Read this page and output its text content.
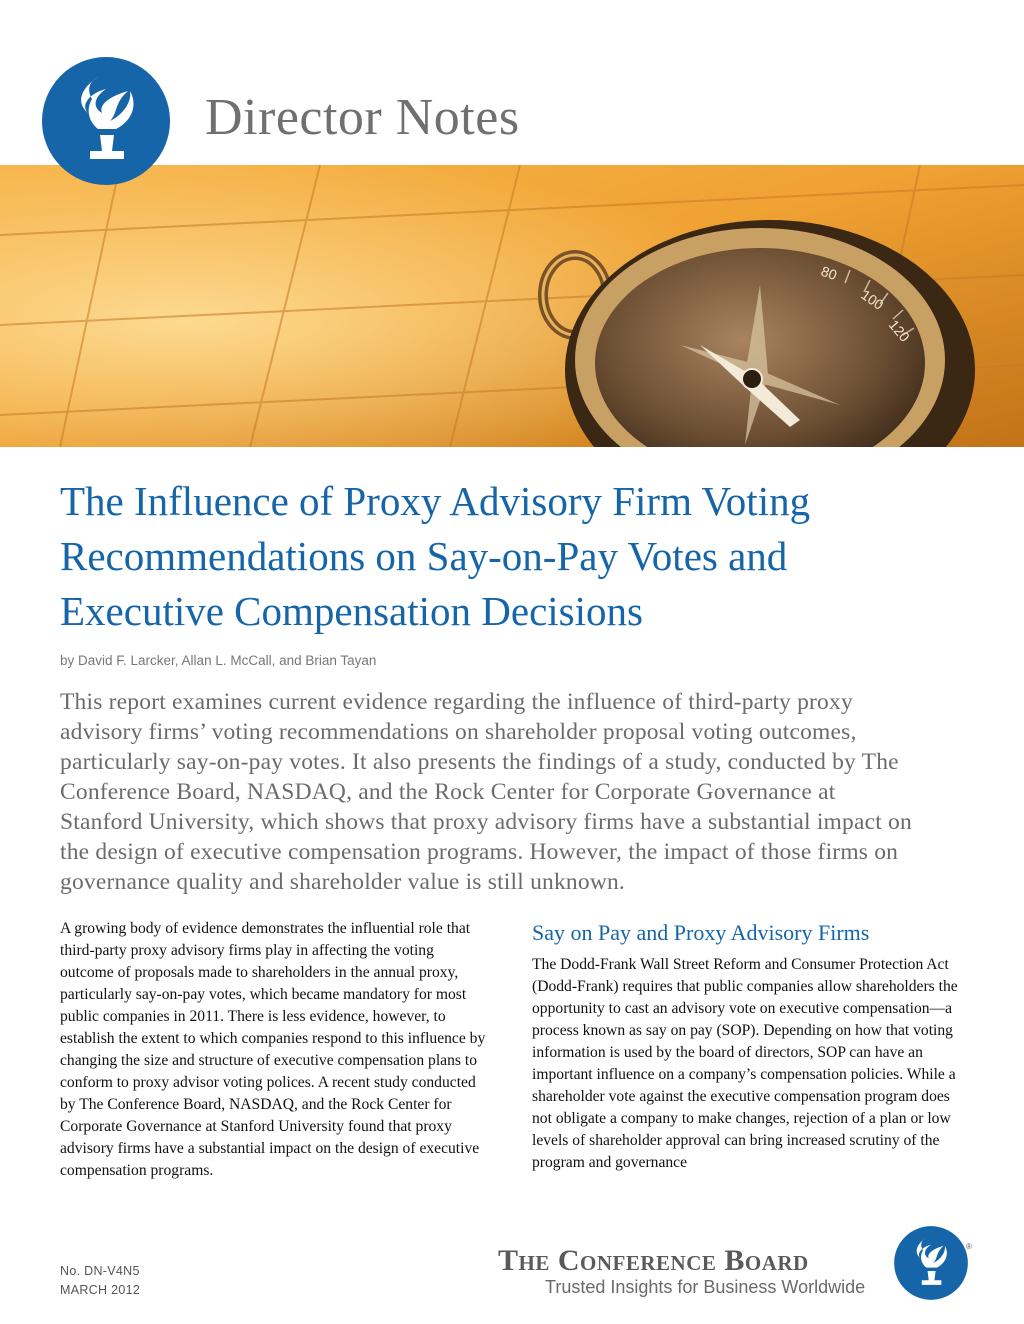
Director Notes
80
100
120
The Influence of Proxy Advisory Firm Voting Recommendations on Say-on-Pay Votes and Executive Compensation Decisions
by David F. Larcker, Allan L. McCall, and Brian Tayan

This report examines current evidence regarding the influence of third-party proxy advisory firms’ voting recommendations on shareholder proposal voting outcomes, particularly say-on-pay votes. It also presents the findings of a study, conducted by The Conference Board, NASDAQ, and the Rock Center for Corporate Governance at Stanford University, which shows that proxy advisory firms have a substantial impact on the design of executive compensation programs. However, the impact of those firms on governance quality and shareholder value is still unknown.

A growing body of evidence demonstrates the influential role that third-party proxy advisory firms play in affecting the voting outcome of proposals made to shareholders in the annual proxy, particularly say-on-pay votes, which became mandatory for most public companies in 2011. There is less evidence, however, to establish the extent to which companies respond to this influence by changing the size and structure of executive compensation plans to conform to proxy advisor voting polices. A recent study conducted by The Conference Board, NASDAQ, and the Rock Center for Corporate Governance at Stanford University found that proxy advisory firms have a substantial impact on the design of executive compensation programs.

Say on Pay and Proxy Advisory Firms

The Dodd-Frank Wall Street Reform and Consumer Protection Act (Dodd-Frank) requires that public companies allow shareholders the opportunity to cast an advisory vote on executive compensation—a process known as say on pay (SOP). Depending on how that voting information is used by the board of directors, SOP can have an important influence on a company’s compensation policies. While a shareholder vote against the executive compensation program does not obligate a company to make changes, rejection of a plan or low levels of shareholder approval can bring increased scrutiny of the program and governance

No. DN-V4N5
MARCH 2012
The Conference Board
Trusted Insights for Business Worldwide
®
